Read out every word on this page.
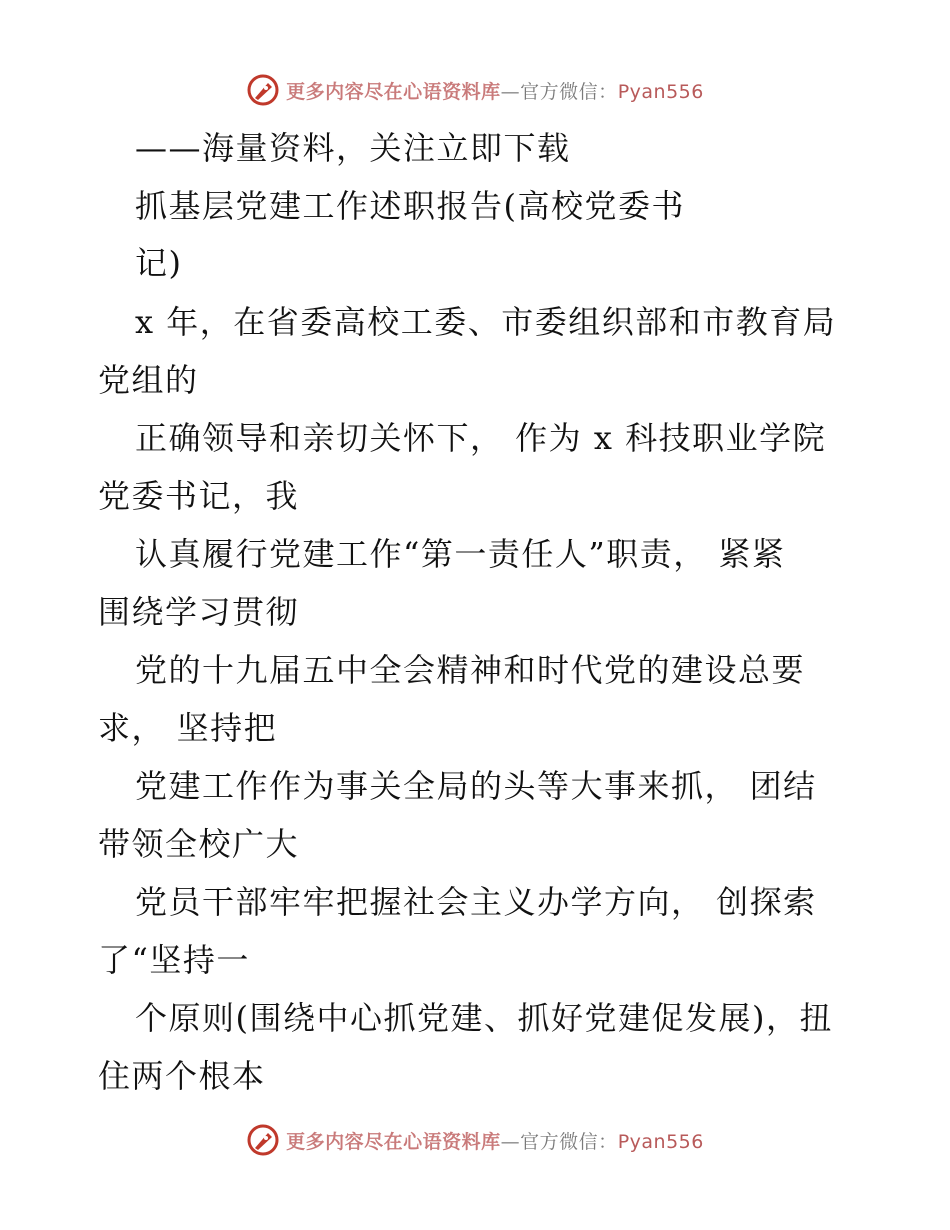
更多内容尽在心语资料库—官方微信：Pyan556
——海量资料，关注立即下载
抓基层党建工作述职报告(高校党委书
记)
x 年，在省委高校工委、市委组织部和市教育局
党组的
正确领导和亲切关怀下， 作为 x 科技职业学院
党委书记，我
认真履行党建工作“第一责任人”职责， 紧紧
围绕学习贯彻
党的十九届五中全会精神和时代党的建设总要
求， 坚持把
党建工作作为事关全局的头等大事来抓， 团结
带领全校广大
党员干部牢牢把握社会主义办学方向， 创探索
了“坚持一
个原则(围绕中心抓党建、抓好党建促发展)，扭
住两个根本
更多内容尽在心语资料库—官方微信：Pyan556
